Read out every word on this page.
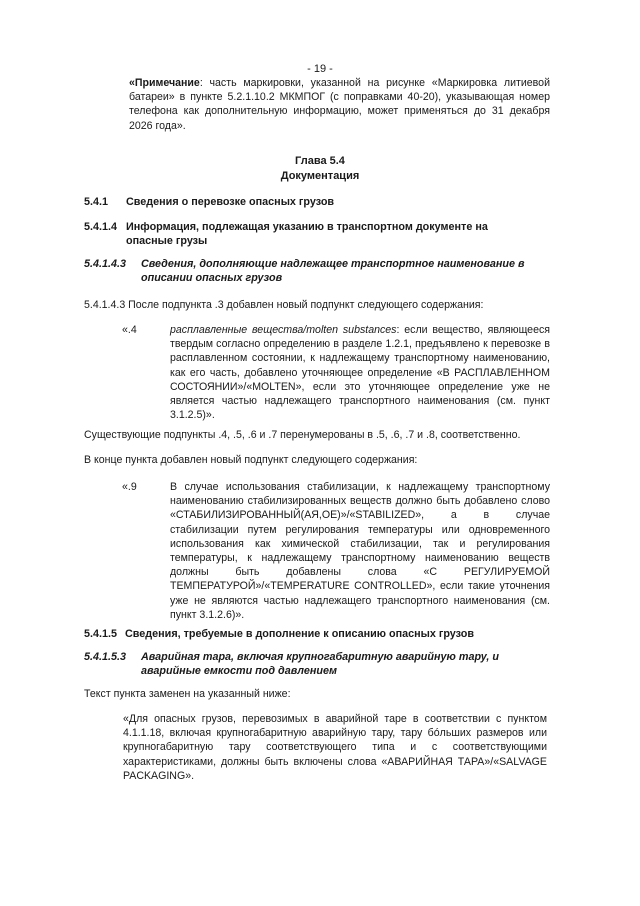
- 19 -
«Примечание: часть маркировки, указанной на рисунке «Маркировка литиевой батареи» в пункте 5.2.1.10.2 МКМПОГ (с поправками 40-20), указывающая номер телефона как дополнительную информацию, может применяться до 31 декабря 2026 года».
Глава 5.4
Документация
5.4.1 Сведения о перевозке опасных грузов
5.4.1.4 Информация, подлежащая указанию в транспортном документе на опасные грузы
5.4.1.4.3 Сведения, дополняющие надлежащее транспортное наименование в описании опасных грузов
5.4.1.4.3 После подпункта .3 добавлен новый подпункт следующего содержания:
«.4	расплавленные вещества/molten substances: если вещество, являющееся твердым согласно определению в разделе 1.2.1, предъявлено к перевозке в расплавленном состоянии, к надлежащему транспортному наименованию, как его часть, добавлено уточняющее определение «В РАСПЛАВЛЕННОМ СОСТОЯНИИ»/«MOLTEN», если это уточняющее определение уже не является частью надлежащего транспортного наименования (см. пункт 3.1.2.5)».
Существующие подпункты .4, .5, .6 и .7 перенумерованы в .5, .6, .7 и .8, соответственно.
В конце пункта добавлен новый подпункт следующего содержания:
«.9	В случае использования стабилизации, к надлежащему транспортному наименованию стабилизированных веществ должно быть добавлено слово «СТАБИЛИЗИРОВАННЫЙ(АЯ,ОЕ)»/«STABILIZED», а в случае стабилизации путем регулирования температуры или одновременного использования как химической стабилизации, так и регулирования температуры, к надлежащему транспортному наименованию веществ должны быть добавлены слова «С РЕГУЛИРУЕМОЙ ТЕМПЕРАТУРОЙ»/«TEMPERATURE CONTROLLED», если такие уточнения уже не являются частью надлежащего транспортного наименования (см. пункт 3.1.2.6)».
5.4.1.5 Сведения, требуемые в дополнение к описанию опасных грузов
5.4.1.5.3 Аварийная тара, включая крупногабаритную аварийную тару, и аварийные емкости под давлением
Текст пункта заменен на указанный ниже:
«Для опасных грузов, перевозимых в аварийной таре в соответствии с пунктом 4.1.1.18, включая крупногабаритную аварийную тару, тару бóльших размеров или крупногабаритную тару соответствующего типа и с соответствующими характеристиками, должны быть включены слова «АВАРИЙНАЯ ТАРА»/«SALVAGE PACKAGING».
